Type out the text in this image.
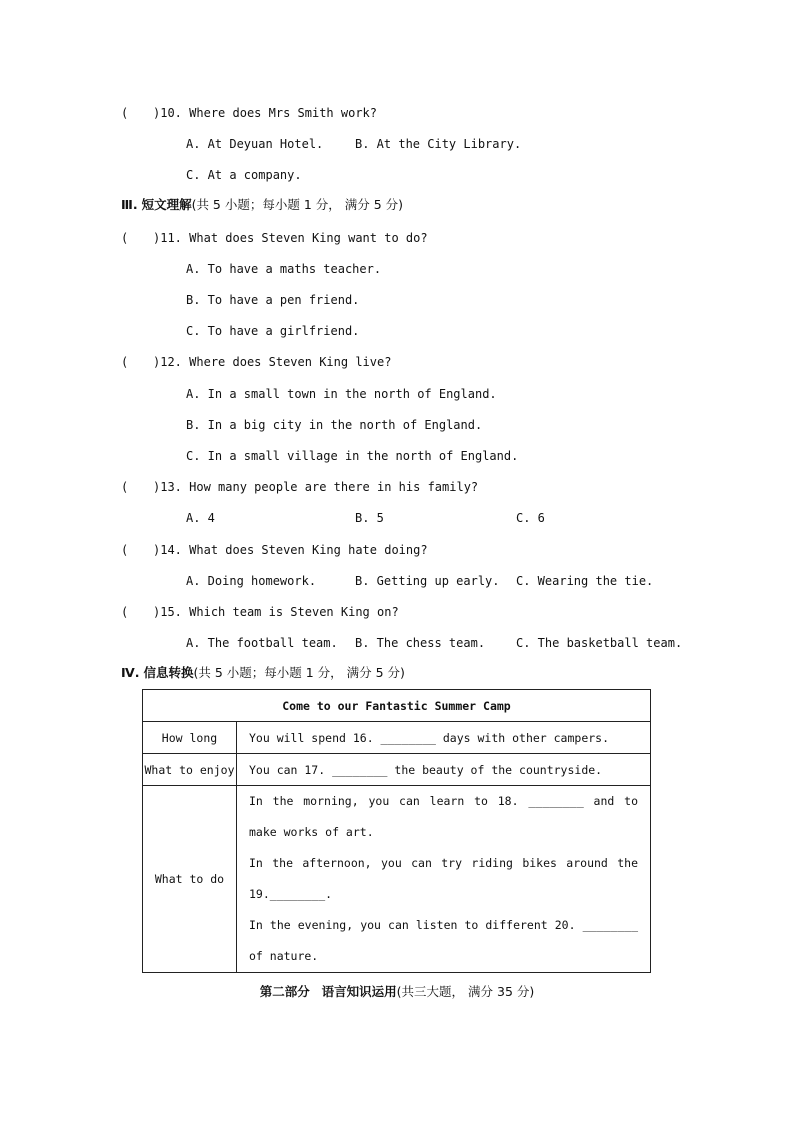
( )10. Where does Mrs Smith work?
A. At Deyuan Hotel.	B. At the City Library.
C. At a company.
Ⅲ. 短文理解(共 5 小题；每小题 1 分， 满分 5 分)
( )11. What does Steven King want to do?
A. To have a maths teacher.
B. To have a pen friend.
C. To have a girlfriend.
( )12. Where does Steven King live?
A. In a small town in the north of England.
B. In a big city in the north of England.
C. In a small village in the north of England.
( )13. How many people are there in his family?
A. 4	B. 5	C. 6
( )14. What does Steven King hate doing?
A. Doing homework.	B. Getting up early. C. Wearing the tie.
( )15. Which team is Steven King on?
A. The football team. B. The chess team.	C. The basketball team.
Ⅳ. 信息转换(共 5 小题；每小题 1 分， 满分 5 分)
Come to our Fantastic Summer Camp	
How long	You will spend 16. ________ days with other campers.
What to enjoy	You can 17. ________ the beauty of the countryside.
What to do	In the morning, you can learn to 18. ________ and to make works of art.
In the afternoon, you can try riding bikes around the 19.________.
In the evening, you can listen to different 20. ________ of nature.
第二部分 语言知识运用(共三大题， 满分 35 分)
